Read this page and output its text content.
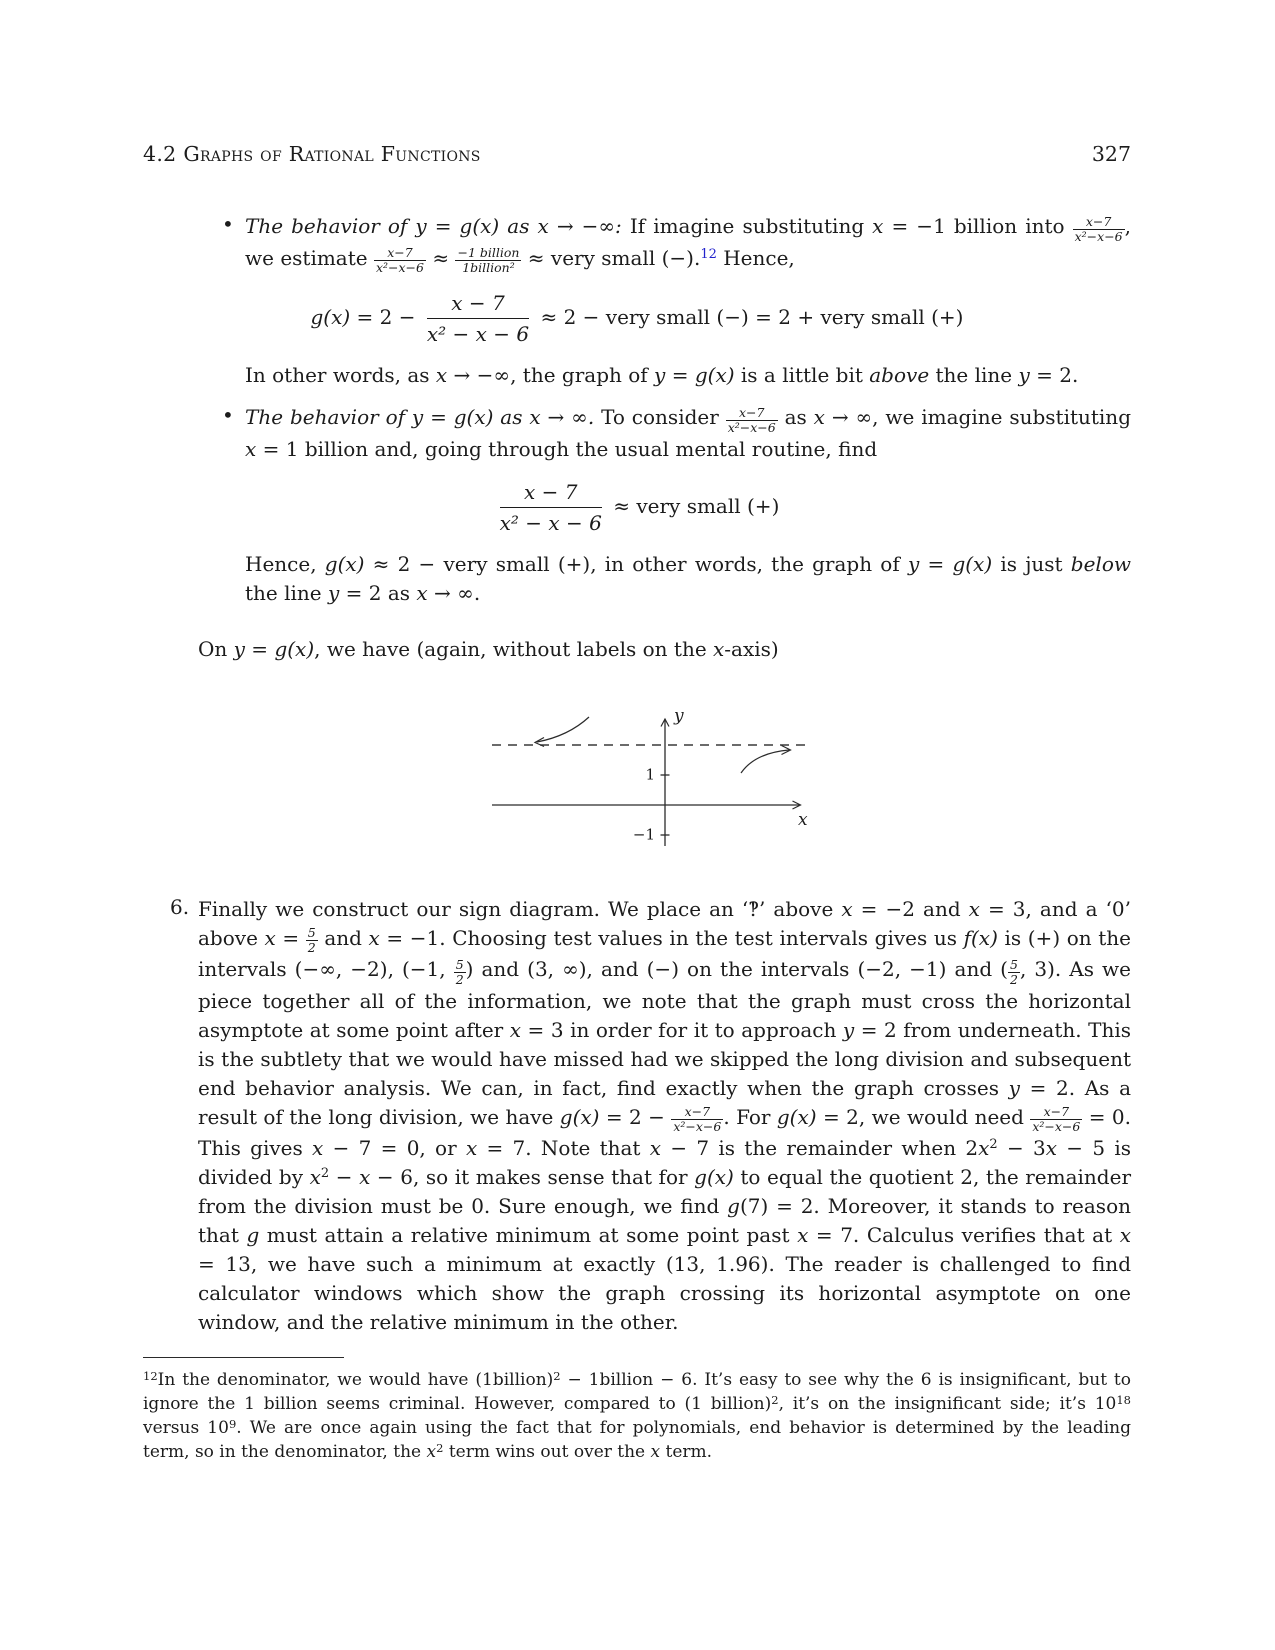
4.2 Graphs of Rational Functions	327
• The behavior of y = g(x) as x → −∞: If imagine substituting x = −1 billion into $\frac{x-7}{\text{x²−x−6}}$ , we estimate $\frac{x-7}{\text{x²−x−6}} \approx \frac{\text{−1 billion}}{\text{1billion²}}$ ≈ very small (−).$^{12}$ Hence,

$g(x) = 2 - \frac{x - 7}{\text{x² − x − 6}} \approx 2$ − very small (−) = 2 + very small (+)

In other words, as x → −∞, the graph of y = g(x) is a little bit above the line y = 2.

• The behavior of y = g(x) as x → ∞. To consider $\frac{x-7}{\text{x²−x−6}}$ as x → ∞, we imagine substituting x = 1 billion and, going through the usual mental routine, find

$\frac{x - 7}{\text{x² − x − 6}}$ ≈ very small (+)

Hence, g(x) ≈ 2 − very small (+), in other words, the graph of y = g(x) is just below the line y = 2 as x → ∞.

On y = g(x), we have (again, without labels on the x-axis)

1
−1
y
x
6. Finally we construct our sign diagram. We place an ‘‽’ above x = −2 and x = 3, and a ‘0’ above $x = \frac{5}{2}$ and x = −1. Choosing test values in the test intervals gives us f(x) is (+) on the intervals (−∞, −2), (−1, $\frac{5}{2}$ ) and (3, ∞), and (−) on the intervals (−2, −1) and ( $\frac{5}{2}$ , 3). As we piece together all of the information, we note that the graph must cross the horizontal asymptote at some point after x = 3 in order for it to approach y = 2 from underneath. This is the subtlety that we would have missed had we skipped the long division and subsequent end behavior analysis. We can, in fact, find exactly when the graph crosses y = 2. As a result of the long division, we have $g(x) = 2 - \frac{x-7}{\text{x²−x−6}}$ . For g(x) = 2, we would need $\frac{x-7}{\text{x²−x−6}} = 0$. This gives x − 7 = 0, or x = 7. Note that x − 7 is the remainder when $2x^2 - 3x - 5$ is divided by $x^2 - x - 6$, so it makes sense that for g(x) to equal the quotient 2, the remainder from the division must be 0. Sure enough, we find g(7) = 2. Moreover, it stands to reason that g must attain a relative minimum at some point past x = 7. Calculus verifies that at x = 13, we have such a minimum at exactly (13, 1.96). The reader is challenged to find calculator windows which show the graph crossing its horizontal asymptote on one window, and the relative minimum in the other.

$^{12}$In the denominator, we would have (1billion)$^2$ − 1billion − 6. It’s easy to see why the 6 is insignificant, but to ignore the 1 billion seems criminal. However, compared to (1 billion)$^2$, it’s on the insignificant side; it’s $10^{18}$ versus $10^9$. We are once again using the fact that for polynomials, end behavior is determined by the leading term, so in the denominator, the $x^2$ term wins out over the x term.
